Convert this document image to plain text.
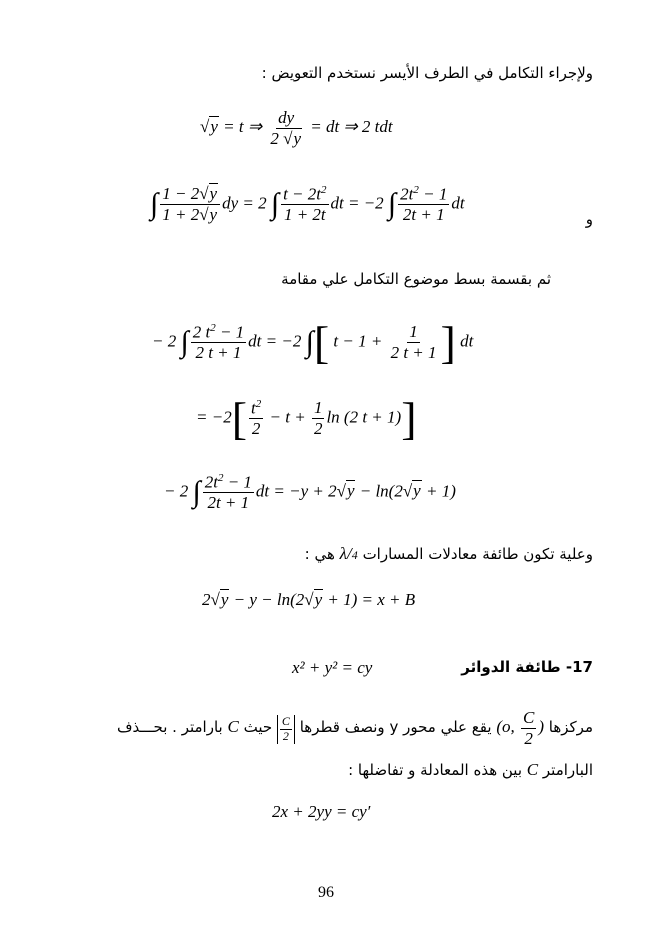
ولإجراء التكامل في الطرف الأيسر نستخدم التعويض :
√y = t ⇒ $\frac{dy}{2 √y}$ = dt ⇒ 2 tdt
و
∫ $\frac{1 - 2√y}{1 + 2√y}$ dy = 2 ∫ $\frac{t - 2t^2}{1 + 2t}$ dt = −2 ∫ $\frac{2t^2 - 1}{2t + 1}$ dt
ثم بقسمة بسط موضوع التكامل علي مقامة
− 2 ∫ $\frac{2 t^2 - 1}{2 t + 1}$ dt = −2 ∫[ $t - 1 + \frac{1}{2 t + 1}$ ] dt
= $-2[ \frac{t^2}{2} - t + \frac{1}{2}$ ln (2 t + 1)]
− 2 ∫ $\frac{2t^2 - 1}{2t + 1}$ dt = −y + 2√y − ln(2√y + 1)
وعلية تكون طائفة معادلات المسارات λ/4 هي :
2√y − y − ln(2√y + 1) = x + B
x² + y² = cy	17- طائفة الدوائر
مركزها (o, $\frac{C}{2}$ ) يقع علي محور y ونصف قطرها
$\frac{C}{2}$
حيث C بارامتر . بحـــذف
البارامتر C بين هذه المعادلة و تفاضلها :
2x + 2yy = cy′
96
